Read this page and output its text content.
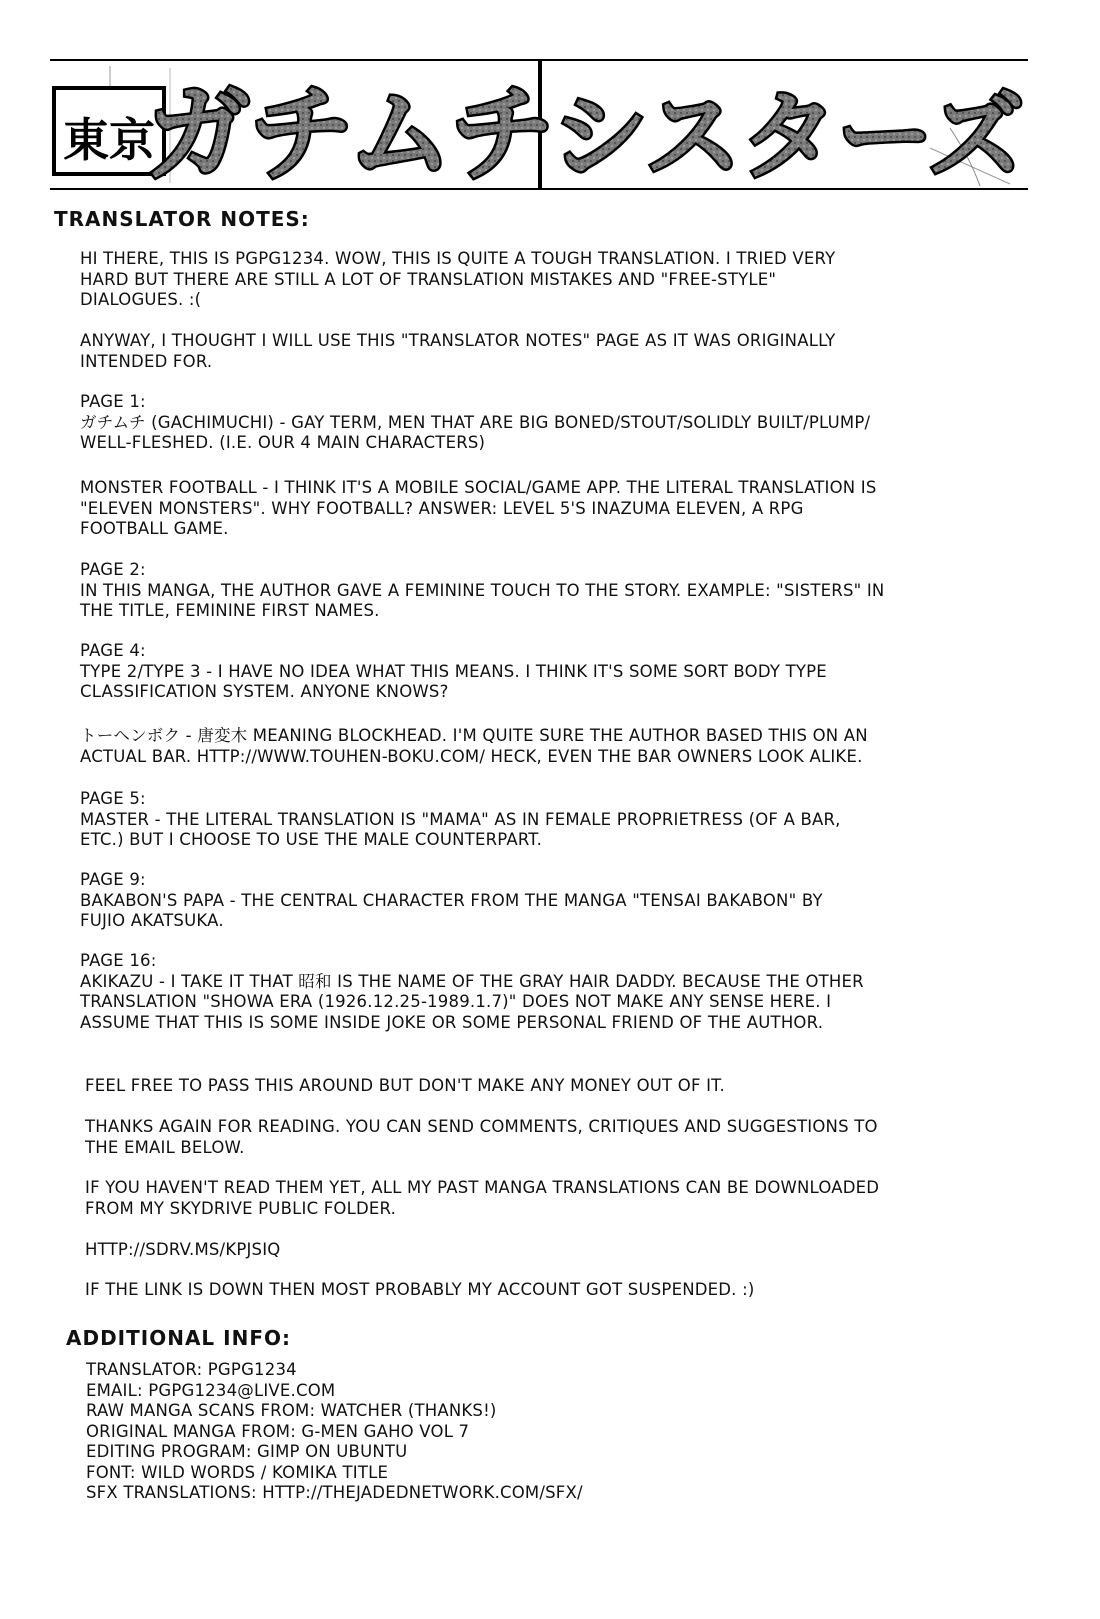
東京
ガチムチ
シスターズ
TRANSLATOR NOTES:

HI THERE, THIS IS PGPG1234. WOW, THIS IS QUITE A TOUGH TRANSLATION. I TRIED VERY
HARD BUT THERE ARE STILL A LOT OF TRANSLATION MISTAKES AND "FREE-STYLE"
DIALOGUES. :(

ANYWAY, I THOUGHT I WILL USE THIS "TRANSLATOR NOTES" PAGE AS IT WAS ORIGINALLY
INTENDED FOR.

PAGE 1:
ガチムチ (GACHIMUCHI) - GAY TERM, MEN THAT ARE BIG BONED/STOUT/SOLIDLY BUILT/PLUMP/
WELL-FLESHED. (I.E. OUR 4 MAIN CHARACTERS)

MONSTER FOOTBALL - I THINK IT'S A MOBILE SOCIAL/GAME APP. THE LITERAL TRANSLATION IS
"ELEVEN MONSTERS". WHY FOOTBALL? ANSWER: LEVEL 5'S INAZUMA ELEVEN, A RPG
FOOTBALL GAME.

PAGE 2:
IN THIS MANGA, THE AUTHOR GAVE A FEMININE TOUCH TO THE STORY. EXAMPLE: "SISTERS" IN
THE TITLE, FEMININE FIRST NAMES.

PAGE 4:
TYPE 2/TYPE 3 - I HAVE NO IDEA WHAT THIS MEANS. I THINK IT'S SOME SORT BODY TYPE
CLASSIFICATION SYSTEM. ANYONE KNOWS?

トーヘンボク - 唐変木 MEANING BLOCKHEAD. I'M QUITE SURE THE AUTHOR BASED THIS ON AN
ACTUAL BAR. HTTP://WWW.TOUHEN-BOKU.COM/ HECK, EVEN THE BAR OWNERS LOOK ALIKE.

PAGE 5:
MASTER - THE LITERAL TRANSLATION IS "MAMA" AS IN FEMALE PROPRIETRESS (OF A BAR,
ETC.) BUT I CHOOSE TO USE THE MALE COUNTERPART.

PAGE 9:
BAKABON'S PAPA - THE CENTRAL CHARACTER FROM THE MANGA "TENSAI BAKABON" BY
FUJIO AKATSUKA.

PAGE 16:
AKIKAZU - I TAKE IT THAT 昭和 IS THE NAME OF THE GRAY HAIR DADDY. BECAUSE THE OTHER
TRANSLATION "SHOWA ERA (1926.12.25-1989.1.7)" DOES NOT MAKE ANY SENSE HERE. I
ASSUME THAT THIS IS SOME INSIDE JOKE OR SOME PERSONAL FRIEND OF THE AUTHOR.

FEEL FREE TO PASS THIS AROUND BUT DON'T MAKE ANY MONEY OUT OF IT.

THANKS AGAIN FOR READING. YOU CAN SEND COMMENTS, CRITIQUES AND SUGGESTIONS TO
THE EMAIL BELOW.

IF YOU HAVEN'T READ THEM YET, ALL MY PAST MANGA TRANSLATIONS CAN BE DOWNLOADED
FROM MY SKYDRIVE PUBLIC FOLDER.

HTTP://SDRV.MS/KPJSIQ

IF THE LINK IS DOWN THEN MOST PROBABLY MY ACCOUNT GOT SUSPENDED. :)

ADDITIONAL INFO:
TRANSLATOR: PGPG1234
EMAIL: PGPG1234@LIVE.COM
RAW MANGA SCANS FROM: WATCHER (THANKS!)
ORIGINAL MANGA FROM: G-MEN GAHO VOL 7
EDITING PROGRAM: GIMP ON UBUNTU
FONT: WILD WORDS / KOMIKA TITLE
SFX TRANSLATIONS: HTTP://THEJADEDNETWORK.COM/SFX/
